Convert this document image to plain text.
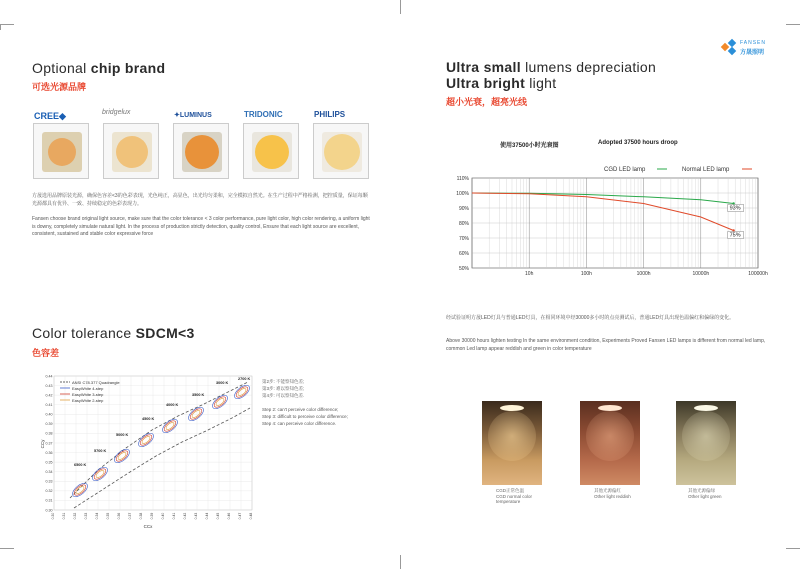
Optional chip brand
可选光源品牌
CREE◆	bridgelux	✦LUMINUS	TRIDONIC	PHILIPS
方晟选用品牌原装光源，确保色容差<3的色彩表现，光色纯正，高显色，出光均匀柔和，完全模拟自然光。在生产过程中严格检测，把控质量，保证每颗光源都具有优异、一致、持续稳定的色彩表现力。
Fansen choose brand original light source, make sure that the color tolerance < 3 color performance, pure light color, high color rendering, a uniform light is downy, completely simulate natural light. In the process of production strictly detection, quality control, Ensure that each light source are excellent, consistent, sustained and stable color expressive force
Color tolerance SDCM<3
色容差
0.44
0.43
0.42
0.41
0.40
0.39
0.38
0.37
0.36
0.35
0.34
0.33
0.32
0.31
0.30
0.30 0.31 0.32 0.33 0.34 0.35 0.36 0.37 0.38 0.39 0.40 0.41 0.42 0.43 0.44 0.45 0.46 0.47 0.48
6500 K
5700 K
5000 K
4500 K
4000 K
3500 K
3000 K
2700 K
ANSI C78.377 Quadrangle
EasyWhite 4-step
EasyWhite 3-step
EasyWhite 2-step
CCx
CCy
第2步: 不能察知色差;
第3步: 难以察知色差;
第4步: 可以察知色差.
Step 2: can't perceive color difference;
Step 3: difficult to perceive color difference;
Step 4: can perceive color difference.
FANSEN
方晟照明
Ultra small lumens depreciation
Ultra bright light
超小光衰，超亮光线
使用37500小时光衰图	Adopted 37500 hours droop
110%
100%
90%
80%
70%
60%
50%
10h	100h	1000h	10000h	100000h
CGD LED lamp	Normal LED lamp
93%
75%
经试验证明方晟LED灯具与普通LED灯具，在相同环境中经30000多小时的点亮测试后，普通LED灯具出现色温偏红和偏绿的变化。
Above 30000 hours lighten testing In the same environment condition, Experiments Proved Fansen LED lamps is different from normal led lamp, common Led lamp appear reddish and green in color temperature
CGD正常色温
CGD normal color temperature
其他光源偏红
Other light reddish
其他光源偏绿
Other light green
